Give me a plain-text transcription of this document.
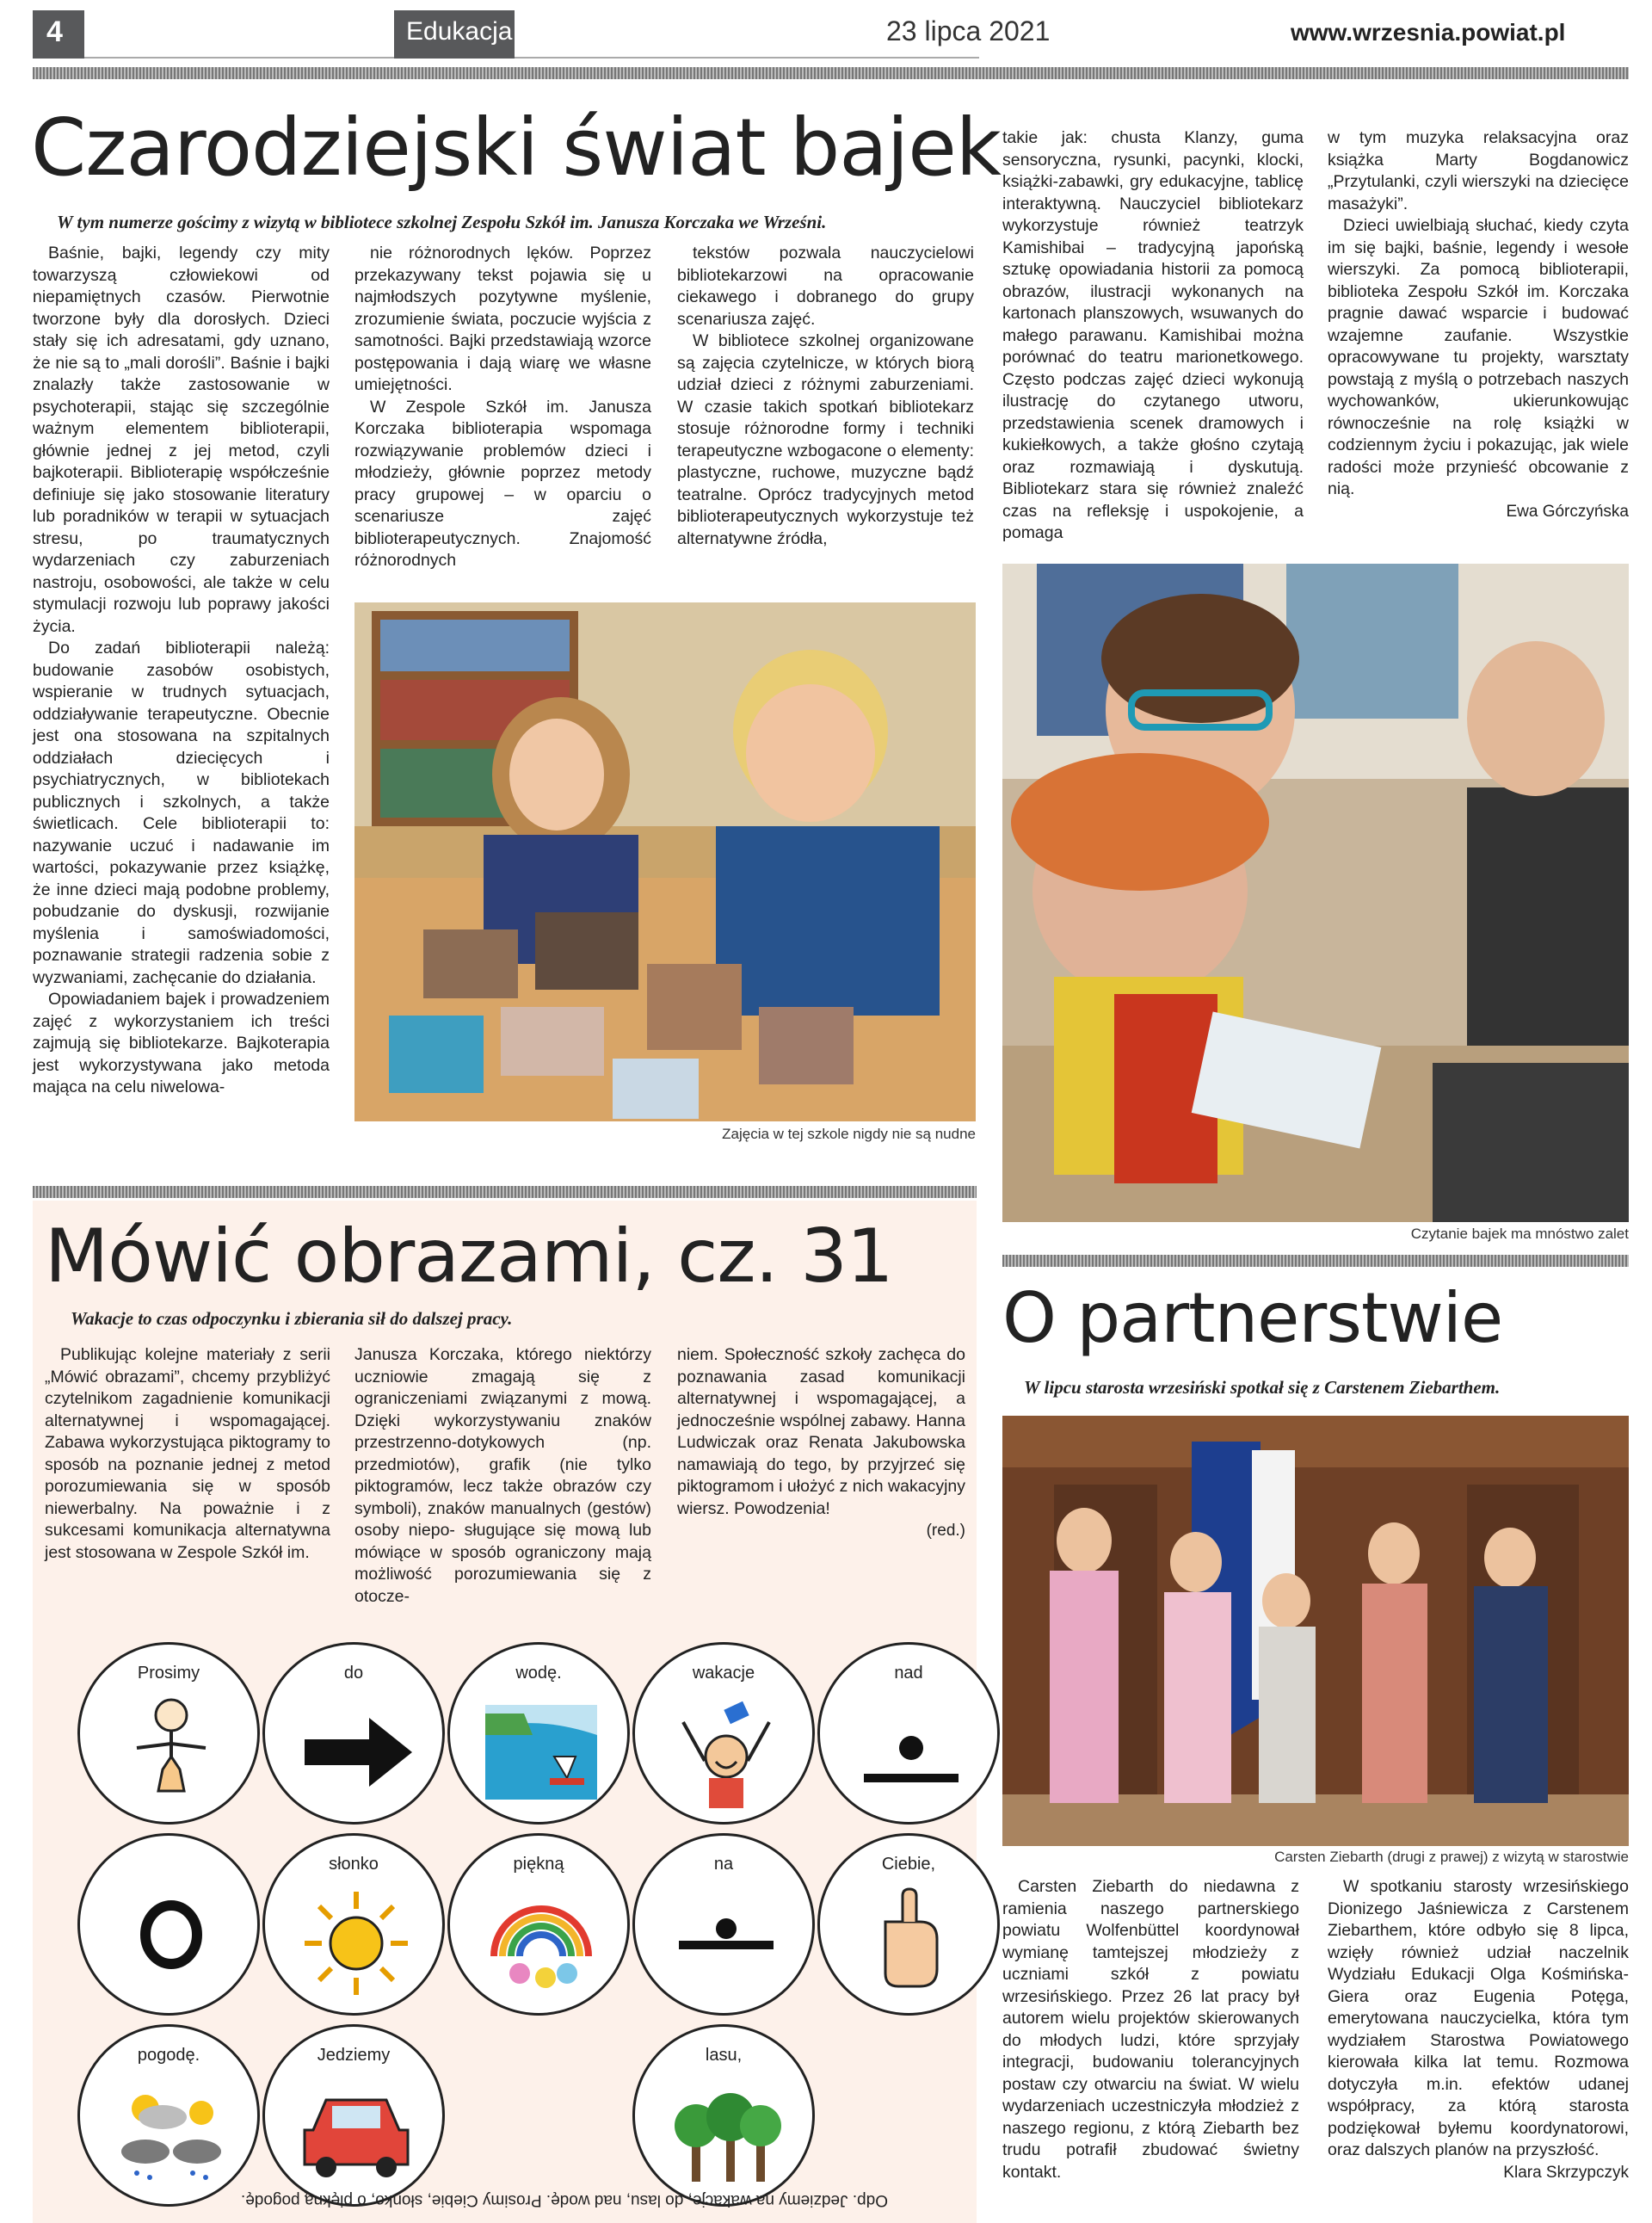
4	Edukacja	23 lipca 2021	www.wrzesnia.powiat.pl
Czarodziejski świat bajek
W tym numerze gościmy z wizytą w bibliotece szkolnej Zespołu Szkół im. Janusza Korczaka we Wrześni.

Baśnie, bajki, legendy czy mity towarzyszą człowiekowi od niepamiętnych czasów. Pierwotnie tworzone były dla dorosłych. Dzieci stały się ich adresatami, gdy uznano, że nie są to „mali dorośli”. Baśnie i bajki znalazły także zastosowanie w psychoterapii, stając się szczególnie ważnym elementem biblioterapii, głównie jednej z jej metod, czyli bajkoterapii. Biblioterapię współcześnie definiuje się jako stosowanie literatury lub poradników w terapii w sytuacjach stresu, po traumatycznych wydarzeniach czy zaburzeniach nastroju, osobowości, ale także w celu stymulacji rozwoju lub poprawy jakości życia.

Do zadań biblioterapii należą: budowanie zasobów osobistych, wspieranie w trudnych sytuacjach, oddziaływanie terapeutyczne. Obecnie jest ona stosowana na szpitalnych oddziałach dziecięcych i psychiatrycznych, w bibliotekach publicznych i szkolnych, a także świetlicach. Cele biblioterapii to: nazywanie uczuć i nadawanie im wartości, pokazywanie przez książkę, że inne dzieci mają podobne problemy, pobudzanie do dyskusji, rozwijanie myślenia i samoświadomości, poznawanie strategii radzenia sobie z wyzwaniami, zachęcanie do działania.

Opowiadaniem bajek i prowadzeniem zajęć z wykorzystaniem ich treści zajmują się bibliotekarze. Bajkoterapia jest wykorzystywana jako metoda mająca na celu niwelowa-

nie różnorodnych lęków. Poprzez przekazywany tekst pojawia się u najmłodszych pozytywne myślenie, zrozumienie świata, poczucie wyjścia z samotności. Bajki przedstawiają wzorce postępowania i dają wiarę we własne umiejętności.

W Zespole Szkół im. Janusza Korczaka biblioterapia wspomaga rozwiązywanie problemów dzieci i młodzieży, głównie poprzez metody pracy grupowej – w oparciu o scenariusze zajęć biblioterapeutycznych. Znajomość różnorodnych

tekstów pozwala nauczycielowi bibliotekarzowi na opracowanie ciekawego i dobranego do grupy scenariusza zajęć.

W bibliotece szkolnej organizowane są zajęcia czytelnicze, w których biorą udział dzieci z różnymi zaburzeniami. W czasie takich spotkań bibliotekarz stosuje różnorodne formy i techniki terapeutyczne wzbogacone o elementy: plastyczne, ruchowe, muzyczne bądź teatralne. Oprócz tradycyjnych metod biblioterapeutycznych wykorzystuje też alternatywne źródła,

takie jak: chusta Klanzy, guma sensoryczna, rysunki, pacynki, klocki, książki-zabawki, gry edukacyjne, tablicę interaktywną. Nauczyciel bibliotekarz wykorzystuje również teatrzyk Kamishibai – tradycyjną japońską sztukę opowiadania historii za pomocą obrazów, ilustracji wykonanych na kartonach planszowych, wsuwanych do małego parawanu. Kamishibai można porównać do teatru marionetkowego. Często podczas zajęć dzieci wykonują ilustrację do czytanego utworu, przedstawienia scenek dramowych i kukiełkowych, a także głośno czytają oraz rozmawiają i dyskutują. Bibliotekarz stara się również znaleźć czas na refleksję i uspokojenie, a pomaga

w tym muzyka relaksacyjna oraz książka Marty Bogdanowicz „Przytulanki, czyli wierszyki na dziecięce masażyki”.

Dzieci uwielbiają słuchać, kiedy czyta im się bajki, baśnie, legendy i wesołe wierszyki. Za pomocą biblioterapii, biblioteka Zespołu Szkół im. Korczaka pragnie dawać wsparcie i budować wzajemne zaufanie. Wszystkie opracowywane tu projekty, warsztaty powstają z myślą o potrzebach naszych wychowanków, ukierunkowując równocześnie na rolę książki w codziennym życiu i pokazując, jak wiele radości może przynieść obcowanie z nią.

Ewa Górczyńska
Zajęcia w tej szkole nigdy nie są nudne
Czytanie bajek ma mnóstwo zalet
Mówić obrazami, cz. 31
Wakacje to czas odpoczynku i zbierania sił do dalszej pracy.

Publikując kolejne materiały z serii „Mówić obrazami”, chcemy przybliżyć czytelnikom zagadnienie komunikacji alternatywnej i wspomagającej. Zabawa wykorzystująca piktogramy to sposób na poznanie jednej z metod porozumiewania się w sposób niewerbalny. Na poważnie i z sukcesami komunikacja alternatywna jest stosowana w Zespole Szkół im.

Janusza Korczaka, którego niektórzy uczniowie zmagają się z ograniczeniami związanymi z mową. Dzięki wykorzystywaniu znaków przestrzenno-dotykowych (np. przedmiotów), grafik (nie tylko piktogramów, lecz także obrazów czy symboli), znaków manualnych (gestów) osoby niepo- sługujące się mową lub mówiące w sposób ograniczony mają możliwość porozumiewania się z otocze-

niem. Społeczność szkoły zachęca do poznawania zasad komunikacji alternatywnej i wspomagającej, a jednocześnie wspólnej zabawy. Hanna Ludwiczak oraz Renata Jakubowska namawiają do tego, by przyjrzeć się piktogramom i ułożyć z nich wakacyjny wiersz. Powodzenia!

(red.)
Prosimy	do	wodę.	wakacje	nad
słonko	piękną	na	Ciebie,
pogodę.	Jedziemy	lasu,
Odp. Jedziemy na wakacje, do lasu, nad wodę. Prosimy Ciebie, słonko, o piękną pogodę.
O partnerstwie
W lipcu starosta wrzesiński spotkał się z Carstenem Ziebarthem.
Carsten Ziebarth (drugi z prawej) z wizytą w starostwie

Carsten Ziebarth do niedawna z ramienia naszego partnerskiego powiatu Wolfenbüttel koordynował wymianę tamtejszej młodzieży z uczniami szkół z powiatu wrzesińskiego. Przez 26 lat pracy był autorem wielu projektów skierowanych do młodych ludzi, które sprzyjały integracji, budowaniu tolerancyjnych postaw czy otwarciu na świat. W wielu wydarzeniach uczestniczyła młodzież z naszego regionu, z którą Ziebarth bez trudu potrafił zbudować świetny kontakt.

W spotkaniu starosty wrzesińskiego Dionizego Jaśniewicza z Carstenem Ziebarthem, które odbyło się 8 lipca, wzięły również udział naczelnik Wydziału Edukacji Olga Kośmińska-Giera oraz Eugenia Potęga, emerytowana nauczycielka, która tym wydziałem Starostwa Powiatowego kierowała kilka lat temu. Rozmowa dotyczyła m.in. efektów udanej współpracy, za którą starosta podziękował byłemu koordynatorowi, oraz dalszych planów na przyszłość.

Klara Skrzypczyk
